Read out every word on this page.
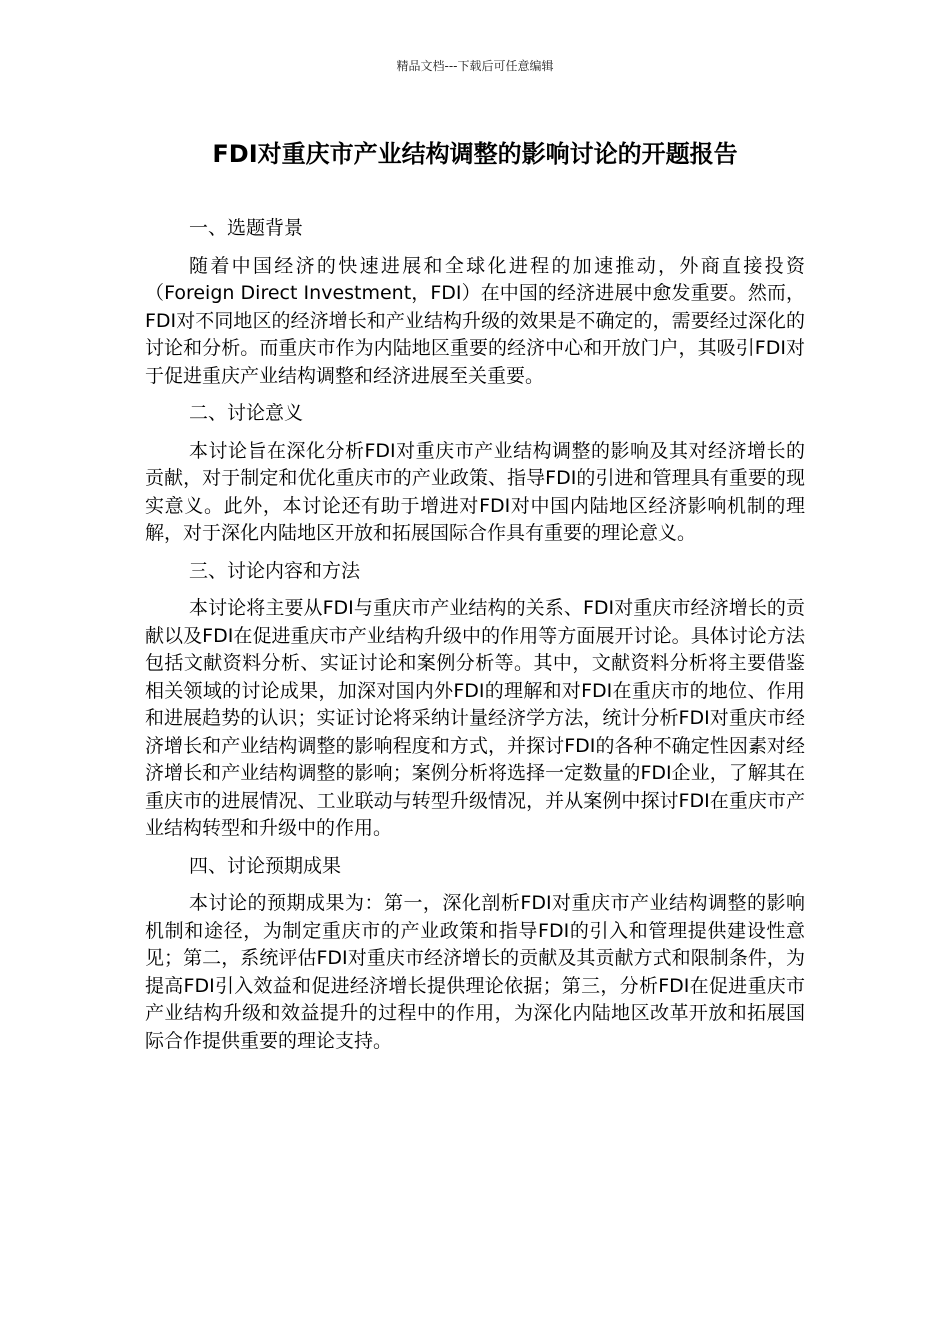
精品文档---下载后可任意编辑
FDI对重庆市产业结构调整的影响讨论的开题报告
一、选题背景

随着中国经济的快速进展和全球化进程的加速推动，外商直接投资（Foreign Direct Investment，FDI）在中国的经济进展中愈发重要。然而，FDI对不同地区的经济增长和产业结构升级的效果是不确定的，需要经过深化的讨论和分析。而重庆市作为内陆地区重要的经济中心和开放门户，其吸引FDI对于促进重庆产业结构调整和经济进展至关重要。

二、讨论意义

本讨论旨在深化分析FDI对重庆市产业结构调整的影响及其对经济增长的贡献，对于制定和优化重庆市的产业政策、指导FDI的引进和管理具有重要的现实意义。此外，本讨论还有助于增进对FDI对中国内陆地区经济影响机制的理解，对于深化内陆地区开放和拓展国际合作具有重要的理论意义。

三、讨论内容和方法

本讨论将主要从FDI与重庆市产业结构的关系、FDI对重庆市经济增长的贡献以及FDI在促进重庆市产业结构升级中的作用等方面展开讨论。具体讨论方法包括文献资料分析、实证讨论和案例分析等。其中，文献资料分析将主要借鉴相关领域的讨论成果，加深对国内外FDI的理解和对FDI在重庆市的地位、作用和进展趋势的认识；实证讨论将采纳计量经济学方法，统计分析FDI对重庆市经济增长和产业结构调整的影响程度和方式，并探讨FDI的各种不确定性因素对经济增长和产业结构调整的影响；案例分析将选择一定数量的FDI企业，了解其在重庆市的进展情况、工业联动与转型升级情况，并从案例中探讨FDI在重庆市产业结构转型和升级中的作用。

四、讨论预期成果

本讨论的预期成果为：第一，深化剖析FDI对重庆市产业结构调整的影响机制和途径，为制定重庆市的产业政策和指导FDI的引入和管理提供建设性意见；第二，系统评估FDI对重庆市经济增长的贡献及其贡献方式和限制条件，为提高FDI引入效益和促进经济增长提供理论依据；第三，分析FDI在促进重庆市产业结构升级和效益提升的过程中的作用，为深化内陆地区改革开放和拓展国际合作提供重要的理论支持。
